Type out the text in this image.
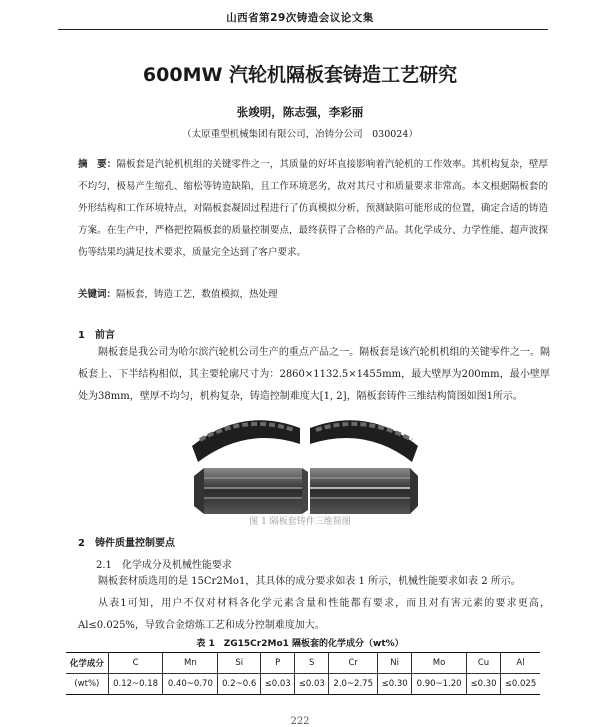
山西省第29次铸造会议论文集
600MW 汽轮机隔板套铸造工艺研究
张竣明，陈志强，李彩丽
（太原重型机械集团有限公司，冶铸分公司　030024）
摘　要：隔板套是汽轮机机组的关键零件之一，其质量的好坏直接影响着汽轮机的工作效率。其机构复杂，壁厚不均匀，极易产生缩孔、缩松等铸造缺陷，且工作环境恶劣，故对其尺寸和质量要求非常高。本文根据隔板套的外形结构和工作环境特点，对隔板套凝固过程进行了仿真模拟分析，预测缺陷可能形成的位置，确定合适的铸造方案。在生产中，严格把控隔板套的质量控制要点，最终获得了合格的产品。其化学成分、力学性能、超声波探伤等结果均满足技术要求，质量完全达到了客户要求。
关键词：隔板套，铸造工艺，数值模拟，热处理
1　前言
隔板套是我公司为哈尔滨汽轮机公司生产的重点产品之一。隔板套是该汽轮机机组的关键零件之一。隔板套上、下半结构相似，其主要轮廓尺寸为：2860×1132.5×1455mm，最大壁厚为200mm，最小壁厚处为38mm，壁厚不均匀，机构复杂，铸造控制难度大[1, 2]，隔板套铸件三维结构简图如图1所示。
图 1 隔板套铸件三维简图
2　铸件质量控制要点
2.1　化学成分及机械性能要求
隔板套材质选用的是 15Cr2Mo1，其具体的成分要求如表 1 所示，机械性能要求如表 2 所示。
从表1可知，用户不仅对材料各化学元素含量和性能都有要求，而且对有害元素的要求更高，Al≤0.025%，导致合金熔炼工艺和成分控制难度加大。
表 1　ZG15Cr2Mo1 隔板套的化学成分（wt%）
化学成分	C	Mn	Si	P	S	Cr	Ni	Mo	Cu	Al
(wt%)	0.12~0.18	0.40~0.70	0.2~0.6	≤0.03	≤0.03	2.0~2.75	≤0.30	0.90~1.20	≤0.30	≤0.025
222
